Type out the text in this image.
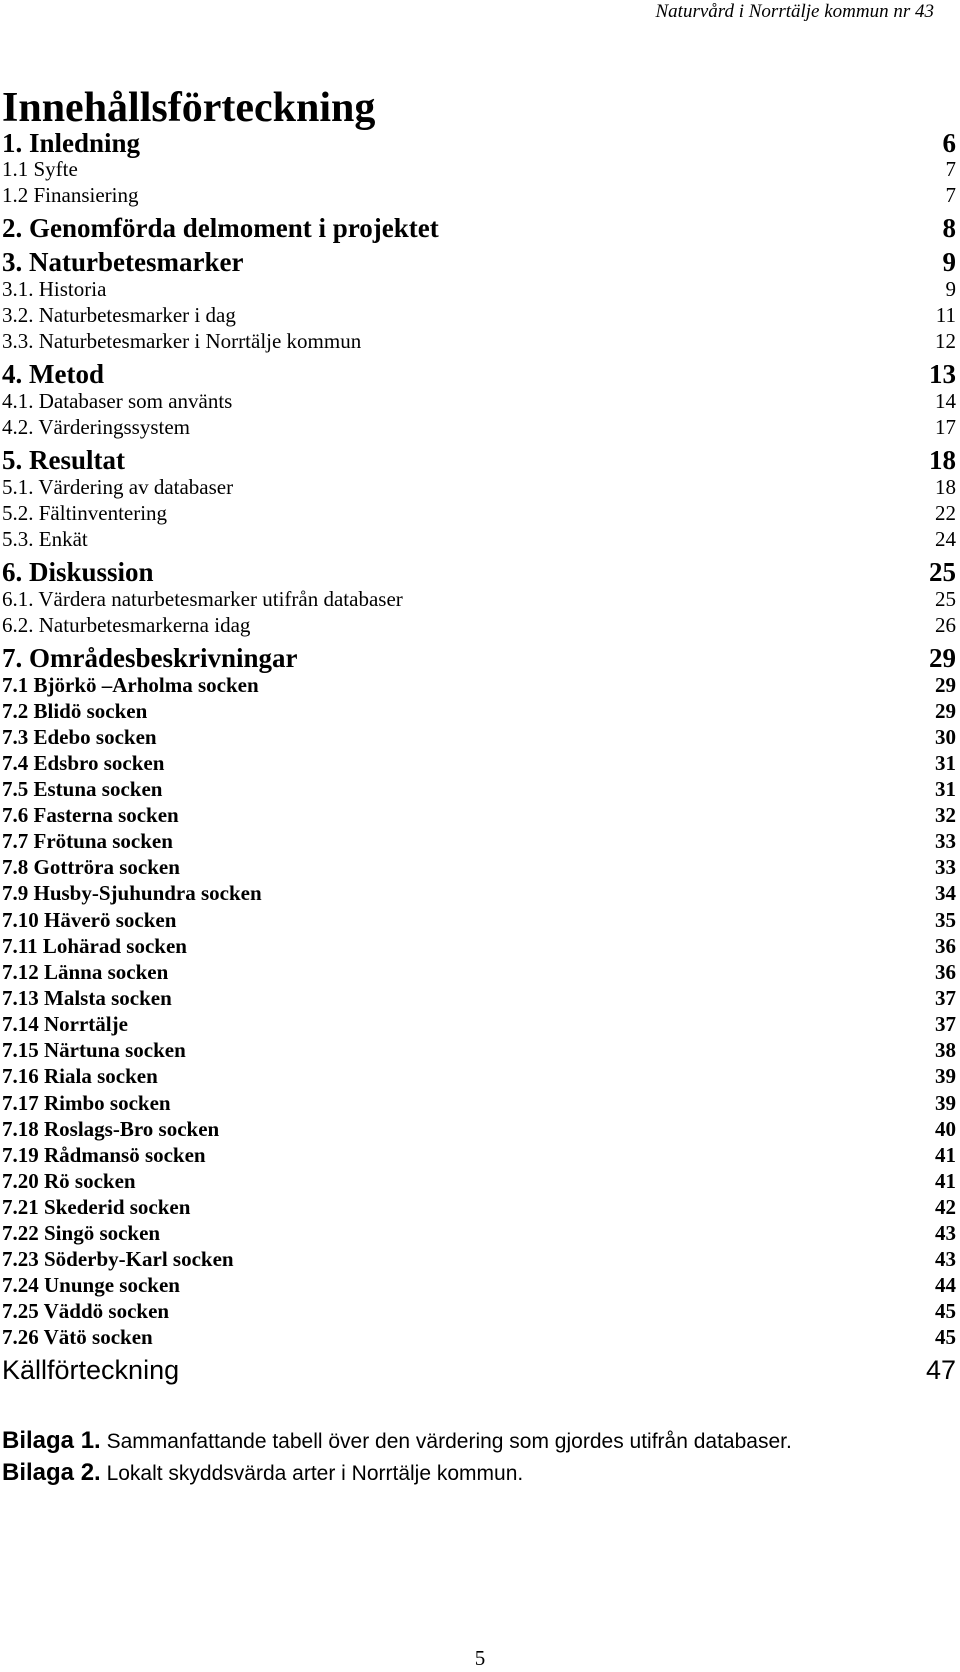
Naturvård i Norrtälje kommun nr 43
Innehållsförteckning
1. Inledning	6
1.1 Syfte	7
1.2 Finansiering	7
2. Genomförda delmoment i projektet	8
3. Naturbetesmarker	9
3.1. Historia	9
3.2. Naturbetesmarker i dag	11
3.3. Naturbetesmarker i Norrtälje kommun	12
4. Metod	13
4.1. Databaser som använts	14
4.2. Värderingssystem	17
5. Resultat	18
5.1. Värdering av databaser	18
5.2. Fältinventering	22
5.3. Enkät	24
6. Diskussion	25
6.1. Värdera naturbetesmarker utifrån databaser	25
6.2. Naturbetesmarkerna idag	26
7. Områdesbeskrivningar	29
7.1 Björkö –Arholma socken	29
7.2 Blidö socken	29
7.3 Edebo socken	30
7.4 Edsbro socken	31
7.5 Estuna socken	31
7.6 Fasterna socken	32
7.7 Frötuna socken	33
7.8 Gottröra socken	33
7.9 Husby-Sjuhundra socken	34
7.10 Häverö socken	35
7.11 Lohärad socken	36
7.12 Länna socken	36
7.13 Malsta socken	37
7.14 Norrtälje	37
7.15 Närtuna socken	38
7.16 Riala socken	39
7.17 Rimbo socken	39
7.18 Roslags-Bro socken	40
7.19 Rådmansö socken	41
7.20 Rö socken	41
7.21 Skederid socken	42
7.22 Singö socken	43
7.23 Söderby-Karl socken	43
7.24 Unungе socken	44
7.25 Väddö socken	45
7.26 Vätö socken	45
Källförteckning	47
Bilaga 1. Sammanfattande tabell över den värdering som gjordes utifrån databaser.
Bilaga 2. Lokalt skyddsvärda arter i Norrtälje kommun.
5
